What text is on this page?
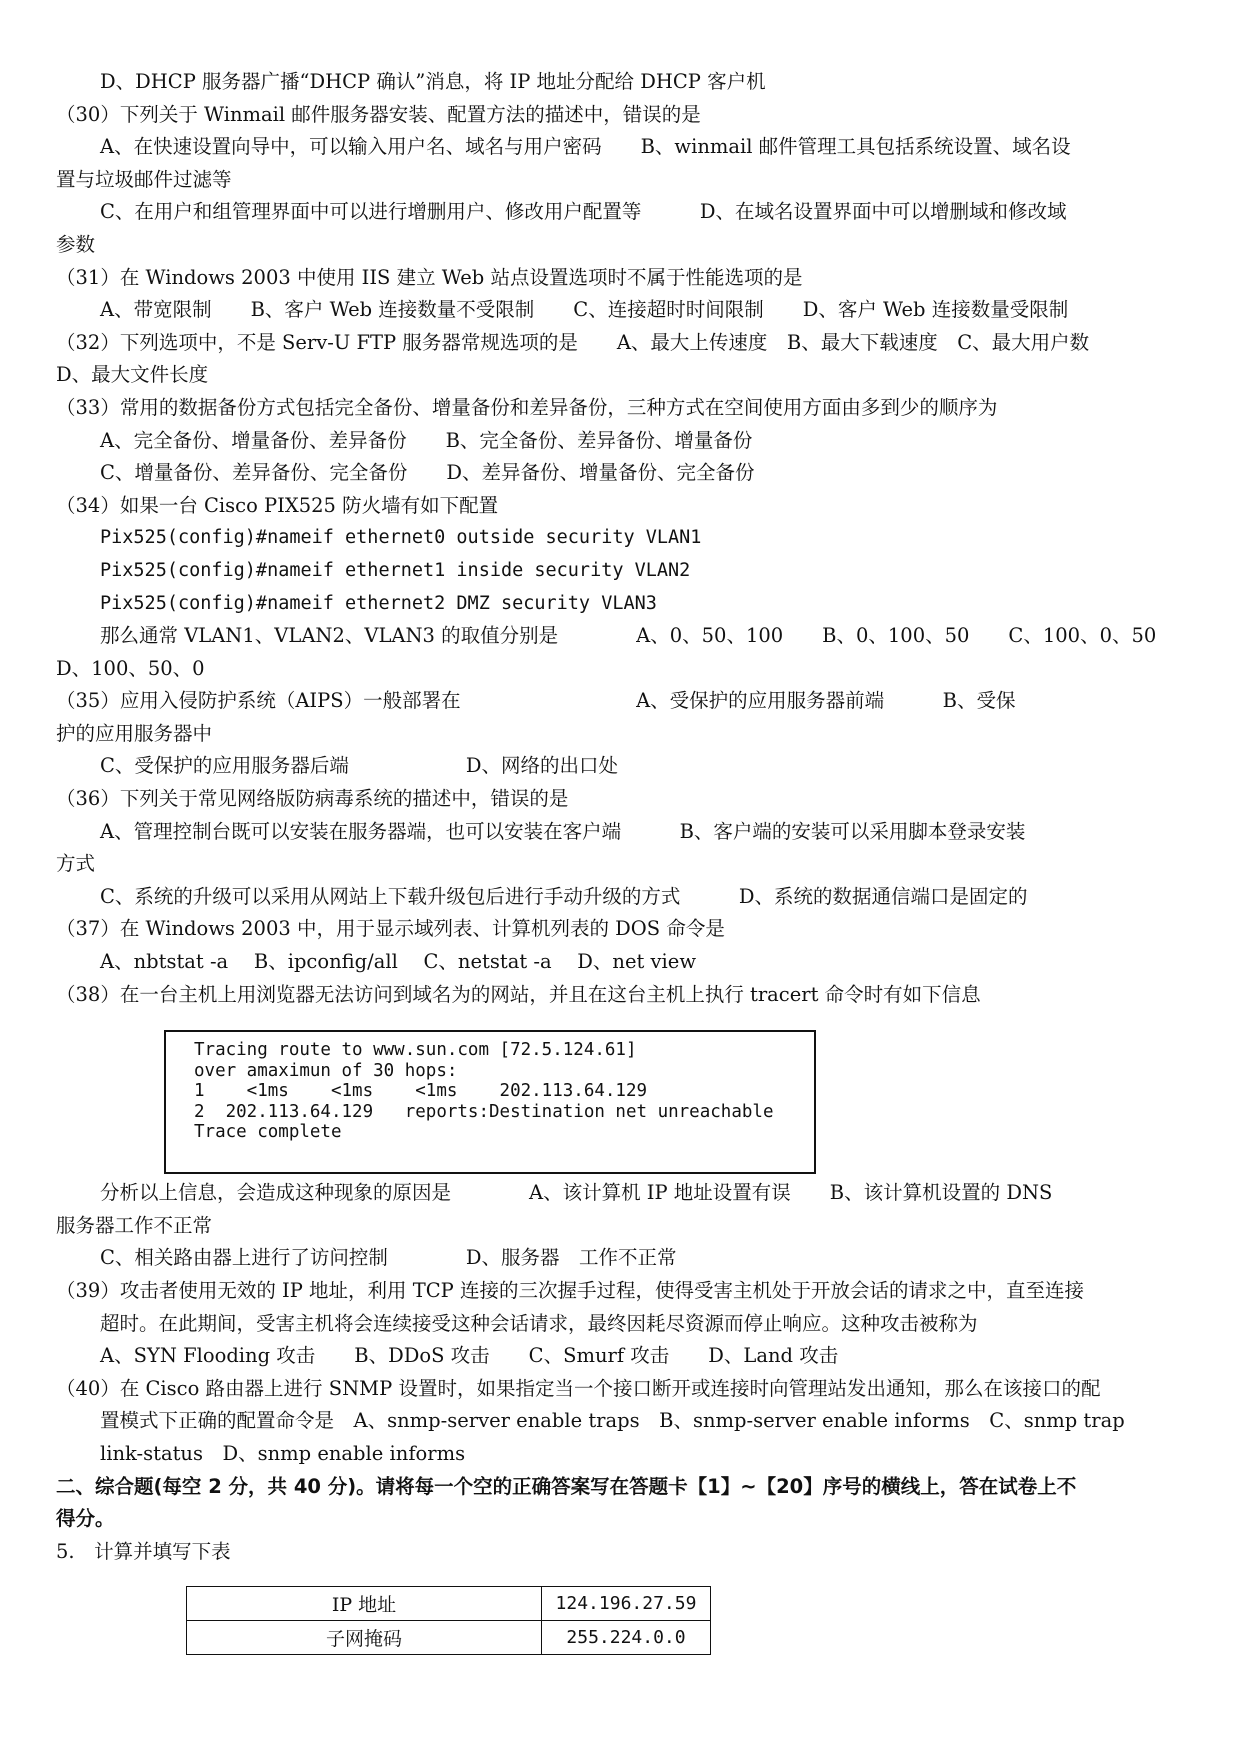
D、DHCP 服务器广播“DHCP 确认”消息，将 IP 地址分配给 DHCP 客户机
（30）下列关于 Winmail 邮件服务器安装、配置方法的描述中，错误的是
A、在快速设置向导中，可以输入用户名、域名与用户密码　　B、winmail 邮件管理工具包括系统设置、域名设
置与垃圾邮件过滤等
C、在用户和组管理界面中可以进行增删用户、修改用户配置等　　　D、在域名设置界面中可以增删域和修改域
参数
（31）在 Windows 2003 中使用 IIS 建立 Web 站点设置选项时不属于性能选项的是
A、带宽限制　　B、客户 Web 连接数量不受限制　　C、连接超时时间限制　　D、客户 Web 连接数量受限制
（32）下列选项中，不是 Serv-U FTP 服务器常规选项的是　　A、最大上传速度　B、最大下载速度　C、最大用户数
D、最大文件长度
（33）常用的数据备份方式包括完全备份、增量备份和差异备份，三种方式在空间使用方面由多到少的顺序为
A、完全备份、增量备份、差异备份　　B、完全备份、差异备份、增量备份
C、增量备份、差异备份、完全备份　　D、差异备份、增量备份、完全备份
（34）如果一台 Cisco PIX525 防火墙有如下配置
Pix525(config)#nameif ethernet0 outside security VLAN1
Pix525(config)#nameif ethernet1 inside security VLAN2
Pix525(config)#nameif ethernet2 DMZ security VLAN3
那么通常 VLAN1、VLAN2、VLAN3 的取值分别是　　　　A、0、50、100　　B、0、100、50　　C、100、0、50
D、100、50、0
（35）应用入侵防护系统（AIPS）一般部署在　　　　　　　　　A、受保护的应用服务器前端　　　B、受保
护的应用服务器中
C、受保护的应用服务器后端　　　　　　D、网络的出口处
（36）下列关于常见网络版防病毒系统的描述中，错误的是
A、管理控制台既可以安装在服务器端，也可以安装在客户端　　　B、客户端的安装可以采用脚本登录安装
方式
C、系统的升级可以采用从网站上下载升级包后进行手动升级的方式　　　D、系统的数据通信端口是固定的
（37）在 Windows 2003 中，用于显示域列表、计算机列表的 DOS 命令是
A、nbtstat -a　 B、ipconfig/all　 C、netstat -a　 D、net view
（38）在一台主机上用浏览器无法访问到域名为的网站，并且在这台主机上执行 tracert 命令时有如下信息
分析以上信息，会造成这种现象的原因是　　　　A、该计算机 IP 地址设置有误　　B、该计算机设置的 DNS
服务器工作不正常
C、相关路由器上进行了访问控制　　　　D、服务器　工作不正常
（39）攻击者使用无效的 IP 地址，利用 TCP 连接的三次握手过程，使得受害主机处于开放会话的请求之中，直至连接
超时。在此期间，受害主机将会连续接受这种会话请求，最终因耗尽资源而停止响应。这种攻击被称为
A、SYN Flooding 攻击　　B、DDoS 攻击　　C、Smurf 攻击　　D、Land 攻击
（40）在 Cisco 路由器上进行 SNMP 设置时，如果指定当一个接口断开或连接时向管理站发出通知，那么在该接口的配
置模式下正确的配置命令是　A、snmp-server enable traps　B、snmp-server enable informs　C、snmp trap
link-status　D、snmp enable informs
二、综合题(每空 2 分，共 40 分)。请将每一个空的正确答案写在答题卡【1】~【20】序号的横线上，答在试卷上不
得分。
5.　计算并填写下表
Tracing route to www.sun.com [72.5.124.61]
over amaximun of 30 hops:
1    <1ms    <1ms    <1ms    202.113.64.129
2  202.113.64.129   reports:Destination net unreachable
Trace complete
IP 地址	124.196.27.59
子网掩码	255.224.0.0
